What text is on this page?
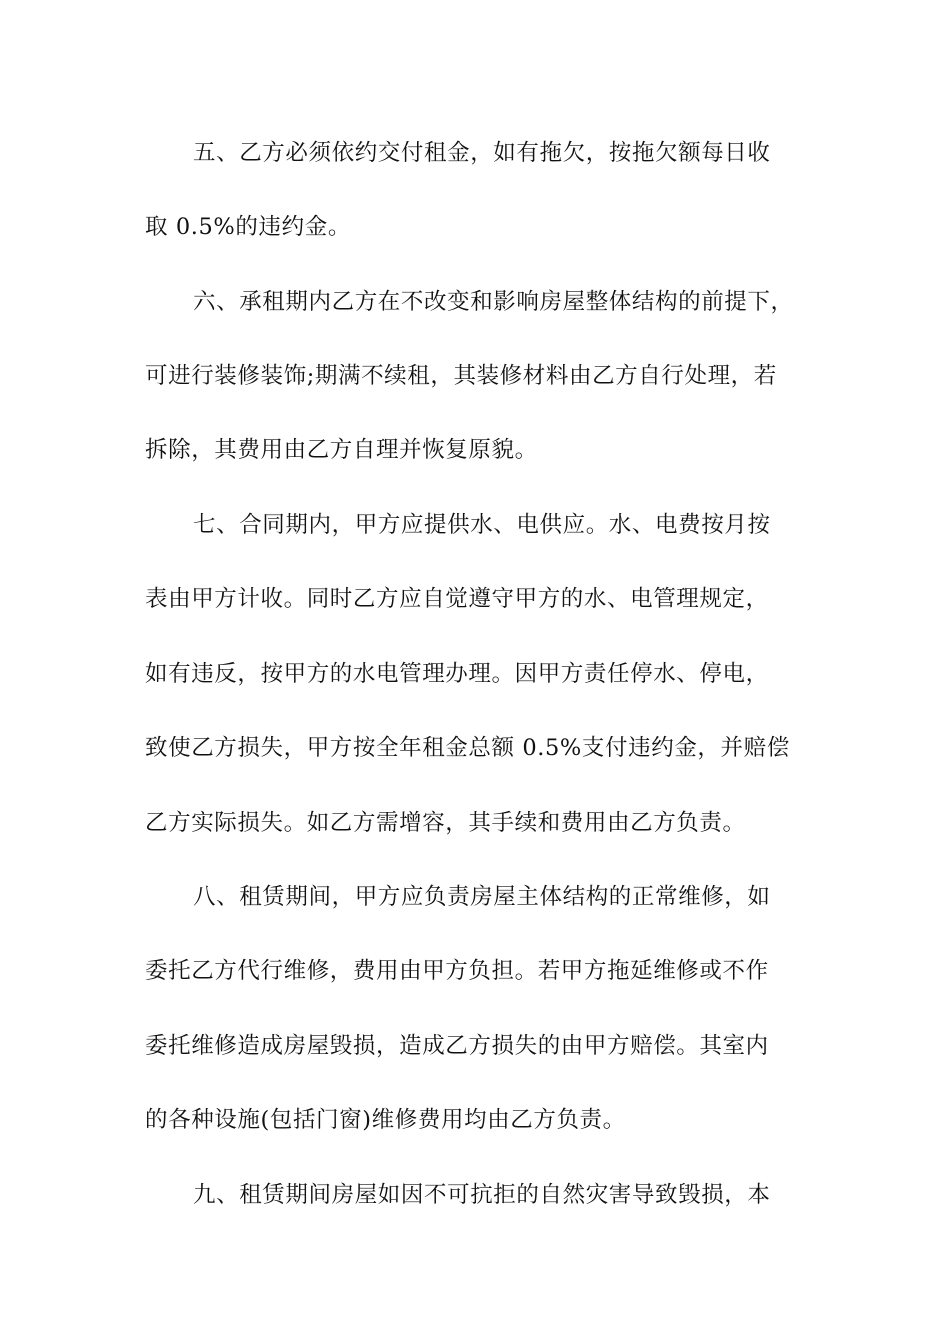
五、乙方必须依约交付租金，如有拖欠，按拖欠额每日收
取 0.5%的违约金。
六、承租期内乙方在不改变和影响房屋整体结构的前提下，
可进行装修装饰;期满不续租，其装修材料由乙方自行处理，若
拆除，其费用由乙方自理并恢复原貌。
七、合同期内，甲方应提供水、电供应。水、电费按月按
表由甲方计收。同时乙方应自觉遵守甲方的水、电管理规定，
如有违反，按甲方的水电管理办理。因甲方责任停水、停电，
致使乙方损失，甲方按全年租金总额 0.5%支付违约金，并赔偿
乙方实际损失。如乙方需增容，其手续和费用由乙方负责。
八、租赁期间，甲方应负责房屋主体结构的正常维修，如
委托乙方代行维修，费用由甲方负担。若甲方拖延维修或不作
委托维修造成房屋毁损，造成乙方损失的由甲方赔偿。其室内
的各种设施(包括门窗)维修费用均由乙方负责。
九、租赁期间房屋如因不可抗拒的自然灾害导致毁损，本
